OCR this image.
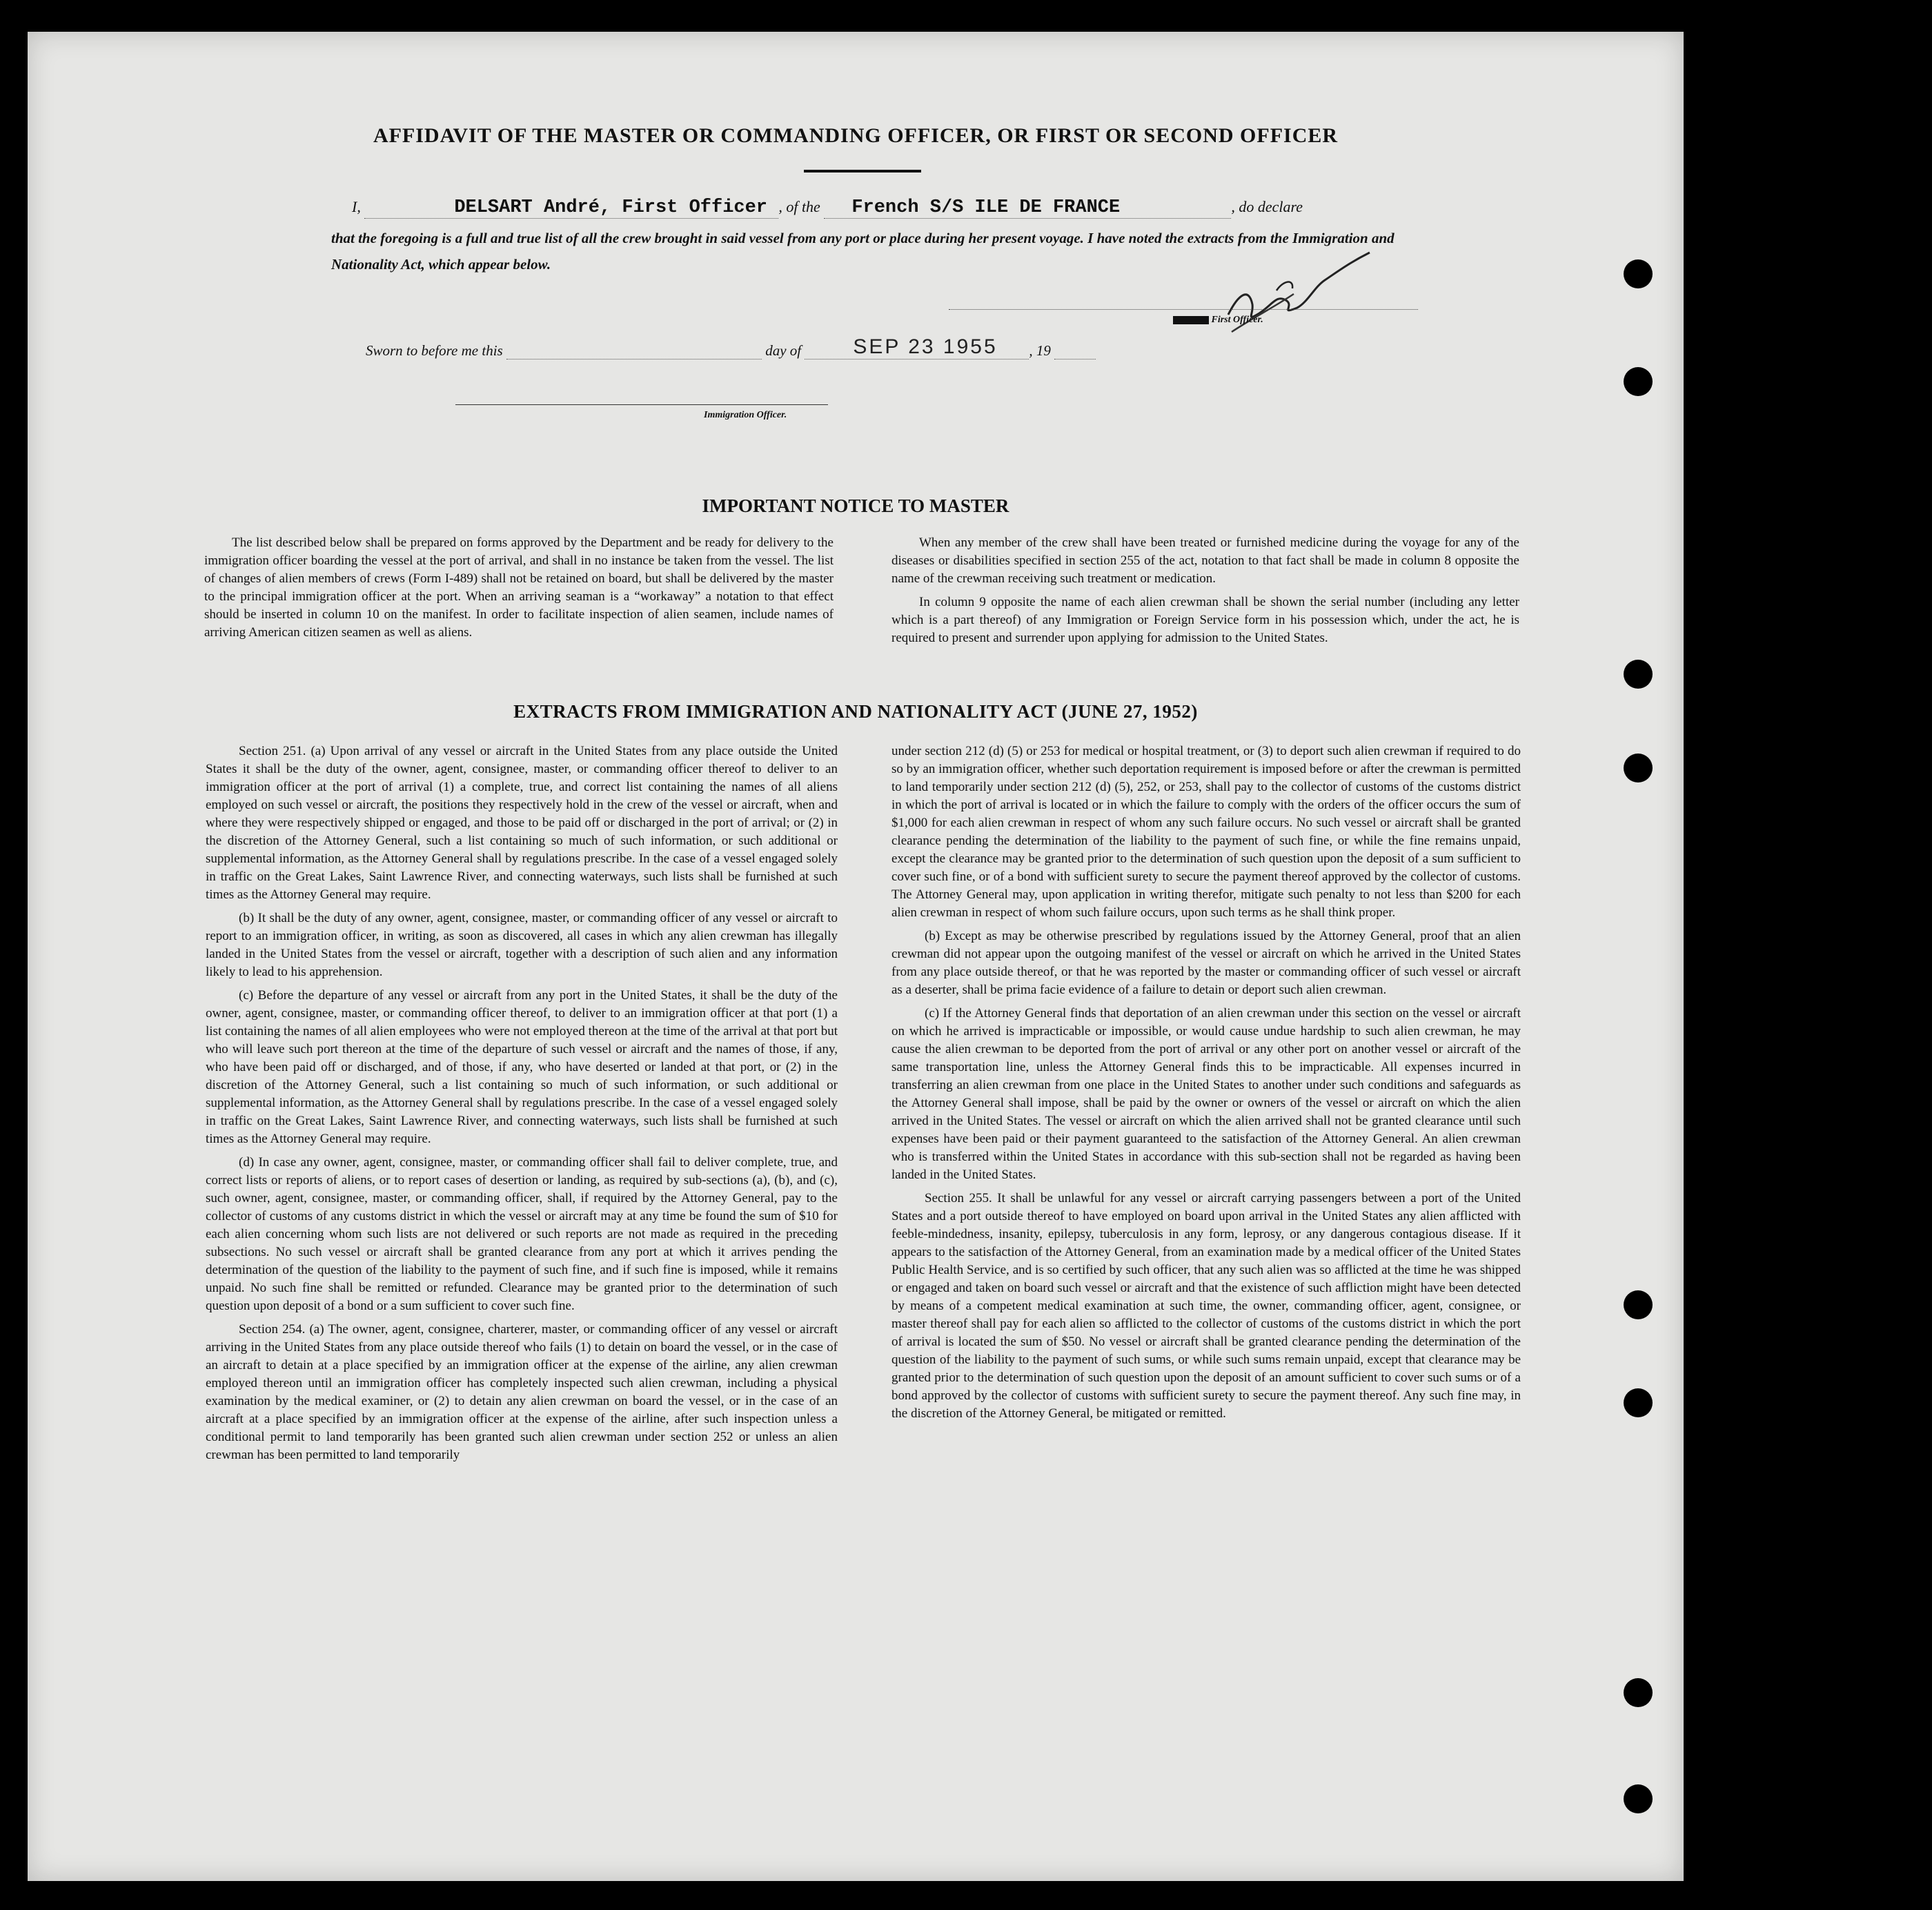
AFFIDAVIT OF THE MASTER OR COMMANDING OFFICER, OR FIRST OR SECOND OFFICER
I,	DELSART André, First Officer , of the French S/S ILE DE FRANCE	, do declare
that the foregoing is a full and true list of all the crew brought in said vessel from any port or place during her present voyage. I have noted the extracts from the Immigration and Nationality Act, which appear below.
First Officer.
Sworn to before me this	day of	SEP 23 1955 , 19
Immigration Officer.
IMPORTANT NOTICE TO MASTER

The list described below shall be prepared on forms approved by the Department and be ready for delivery to the immigration officer boarding the vessel at the port of arrival, and shall in no instance be taken from the vessel. The list of changes of alien members of crews (Form I-489) shall not be retained on board, but shall be delivered by the master to the principal immigration officer at the port. When an arriving seaman is a “workaway” a notation to that effect should be inserted in column 10 on the manifest. In order to facilitate inspection of alien seamen, include names of arriving American citizen seamen as well as aliens.

When any member of the crew shall have been treated or furnished medicine during the voyage for any of the diseases or disabilities specified in section 255 of the act, notation to that fact shall be made in column 8 opposite the name of the crewman receiving such treatment or medication.

In column 9 opposite the name of each alien crewman shall be shown the serial number (including any letter which is a part thereof) of any Immigration or Foreign Service form in his possession which, under the act, he is required to present and surrender upon applying for admission to the United States.

EXTRACTS FROM IMMIGRATION AND NATIONALITY ACT (JUNE 27, 1952)

Section 251. (a) Upon arrival of any vessel or aircraft in the United States from any place outside the United States it shall be the duty of the owner, agent, consignee, master, or commanding officer thereof to deliver to an immigration officer at the port of arrival (1) a complete, true, and correct list containing the names of all aliens employed on such vessel or aircraft, the positions they respectively hold in the crew of the vessel or aircraft, when and where they were respectively shipped or engaged, and those to be paid off or discharged in the port of arrival; or (2) in the discretion of the Attorney General, such a list containing so much of such information, or such additional or supplemental information, as the Attorney General shall by regulations prescribe. In the case of a vessel engaged solely in traffic on the Great Lakes, Saint Lawrence River, and connecting waterways, such lists shall be furnished at such times as the Attorney General may require.

(b) It shall be the duty of any owner, agent, consignee, master, or commanding officer of any vessel or aircraft to report to an immigration officer, in writing, as soon as discovered, all cases in which any alien crewman has illegally landed in the United States from the vessel or aircraft, together with a description of such alien and any information likely to lead to his apprehension.

(c) Before the departure of any vessel or aircraft from any port in the United States, it shall be the duty of the owner, agent, consignee, master, or commanding officer thereof, to deliver to an immigration officer at that port (1) a list containing the names of all alien employees who were not employed thereon at the time of the arrival at that port but who will leave such port thereon at the time of the departure of such vessel or aircraft and the names of those, if any, who have been paid off or discharged, and of those, if any, who have deserted or landed at that port, or (2) in the discretion of the Attorney General, such a list containing so much of such information, or such additional or supplemental information, as the Attorney General shall by regulations prescribe. In the case of a vessel engaged solely in traffic on the Great Lakes, Saint Lawrence River, and connecting waterways, such lists shall be furnished at such times as the Attorney General may require.

(d) In case any owner, agent, consignee, master, or commanding officer shall fail to deliver complete, true, and correct lists or reports of aliens, or to report cases of desertion or landing, as required by sub-sections (a), (b), and (c), such owner, agent, consignee, master, or commanding officer, shall, if required by the Attorney General, pay to the collector of customs of any customs district in which the vessel or aircraft may at any time be found the sum of $10 for each alien concerning whom such lists are not delivered or such reports are not made as required in the preceding subsections. No such vessel or aircraft shall be granted clearance from any port at which it arrives pending the determination of the question of the liability to the payment of such fine, and if such fine is imposed, while it remains unpaid. No such fine shall be remitted or refunded. Clearance may be granted prior to the determination of such question upon deposit of a bond or a sum sufficient to cover such fine.

Section 254. (a) The owner, agent, consignee, charterer, master, or commanding officer of any vessel or aircraft arriving in the United States from any place outside thereof who fails (1) to detain on board the vessel, or in the case of an aircraft to detain at a place specified by an immigration officer at the expense of the airline, any alien crewman employed thereon until an immigration officer has completely inspected such alien crewman, including a physical examination by the medical examiner, or (2) to detain any alien crewman on board the vessel, or in the case of an aircraft at a place specified by an immigration officer at the expense of the airline, after such inspection unless a conditional permit to land temporarily has been granted such alien crewman under section 252 or unless an alien crewman has been permitted to land temporarily

under section 212 (d) (5) or 253 for medical or hospital treatment, or (3) to deport such alien crewman if required to do so by an immigration officer, whether such deportation requirement is imposed before or after the crewman is permitted to land temporarily under section 212 (d) (5), 252, or 253, shall pay to the collector of customs of the customs district in which the port of arrival is located or in which the failure to comply with the orders of the officer occurs the sum of $1,000 for each alien crewman in respect of whom any such failure occurs. No such vessel or aircraft shall be granted clearance pending the determination of the liability to the payment of such fine, or while the fine remains unpaid, except the clearance may be granted prior to the determination of such question upon the deposit of a sum sufficient to cover such fine, or of a bond with sufficient surety to secure the payment thereof approved by the collector of customs. The Attorney General may, upon application in writing therefor, mitigate such penalty to not less than $200 for each alien crewman in respect of whom such failure occurs, upon such terms as he shall think proper.

(b) Except as may be otherwise prescribed by regulations issued by the Attorney General, proof that an alien crewman did not appear upon the outgoing manifest of the vessel or aircraft on which he arrived in the United States from any place outside thereof, or that he was reported by the master or commanding officer of such vessel or aircraft as a deserter, shall be prima facie evidence of a failure to detain or deport such alien crewman.

(c) If the Attorney General finds that deportation of an alien crewman under this section on the vessel or aircraft on which he arrived is impracticable or impossible, or would cause undue hardship to such alien crewman, he may cause the alien crewman to be deported from the port of arrival or any other port on another vessel or aircraft of the same transportation line, unless the Attorney General finds this to be impracticable. All expenses incurred in transferring an alien crewman from one place in the United States to another under such conditions and safeguards as the Attorney General shall impose, shall be paid by the owner or owners of the vessel or aircraft on which the alien arrived in the United States. The vessel or aircraft on which the alien arrived shall not be granted clearance until such expenses have been paid or their payment guaranteed to the satisfaction of the Attorney General. An alien crewman who is transferred within the United States in accordance with this sub-section shall not be regarded as having been landed in the United States.

Section 255. It shall be unlawful for any vessel or aircraft carrying passengers between a port of the United States and a port outside thereof to have employed on board upon arrival in the United States any alien afflicted with feeble-mindedness, insanity, epilepsy, tuberculosis in any form, leprosy, or any dangerous contagious disease. If it appears to the satisfaction of the Attorney General, from an examination made by a medical officer of the United States Public Health Service, and is so certified by such officer, that any such alien was so afflicted at the time he was shipped or engaged and taken on board such vessel or aircraft and that the existence of such affliction might have been detected by means of a competent medical examination at such time, the owner, commanding officer, agent, consignee, or master thereof shall pay for each alien so afflicted to the collector of customs of the customs district in which the port of arrival is located the sum of $50. No vessel or aircraft shall be granted clearance pending the determination of the question of the liability to the payment of such sums, or while such sums remain unpaid, except that clearance may be granted prior to the determination of such question upon the deposit of an amount sufficient to cover such sums or of a bond approved by the collector of customs with sufficient surety to secure the payment thereof. Any such fine may, in the discretion of the Attorney General, be mitigated or remitted.
